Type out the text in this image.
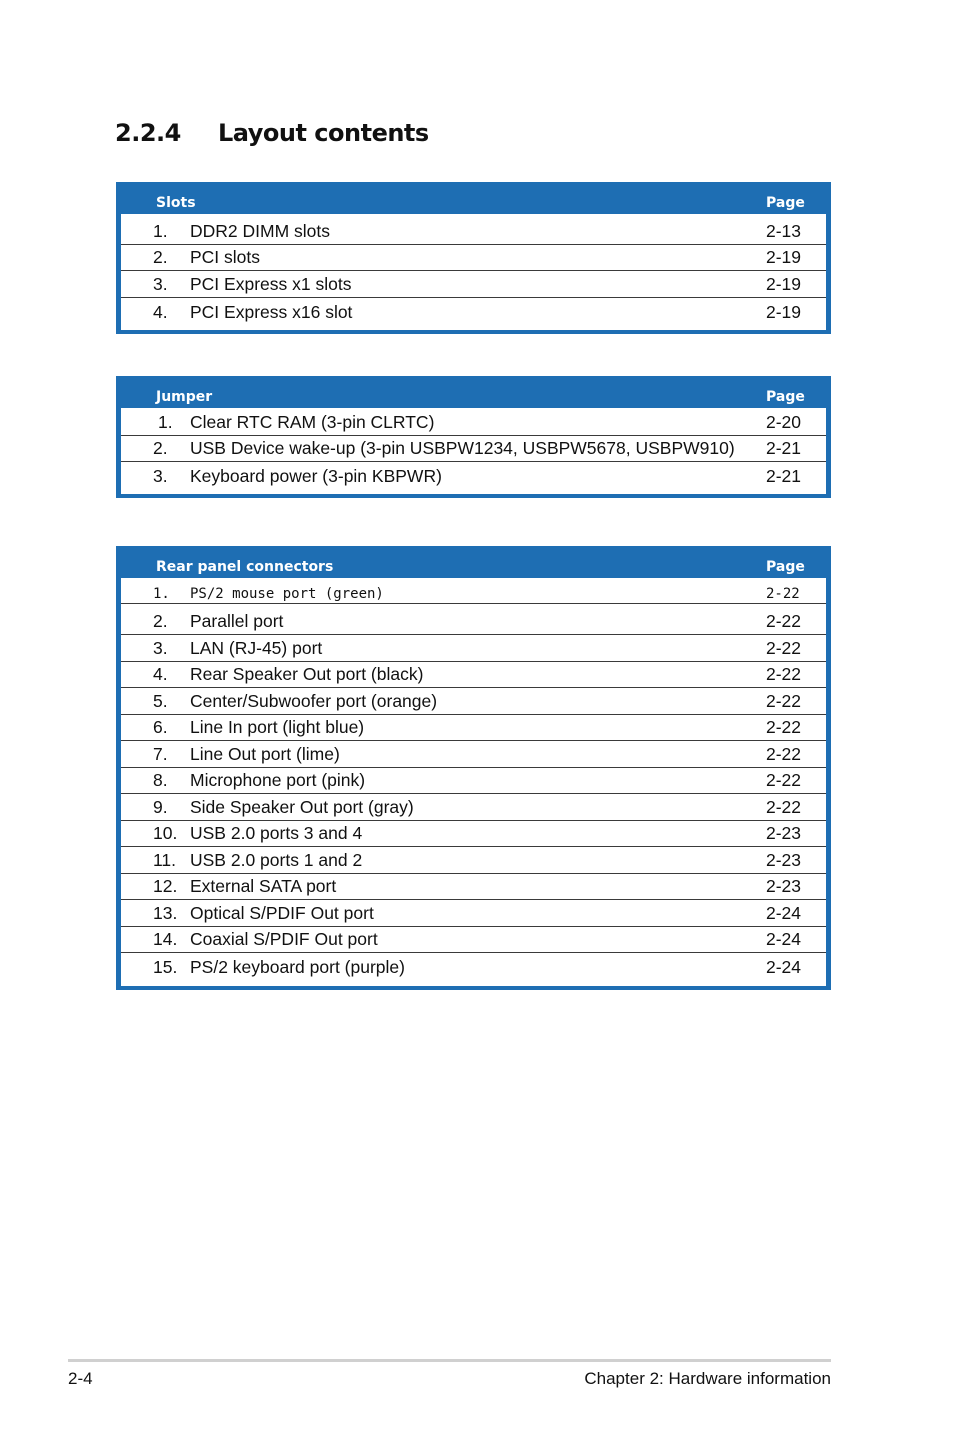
2.2.4	Layout contents
Slots	Page
1. DDR2 DIMM slots	2-13
2. PCI slots	2-19
3. PCI Express x1 slots	2-19
4. PCI Express x16 slot	2-19
Jumper	Page
1. Clear RTC RAM (3-pin CLRTC)	2-20
2. USB Device wake-up (3-pin USBPW1234, USBPW5678, USBPW910) 2-21
3. Keyboard power (3-pin KBPWR)	2-21
Rear panel connectors	Page
1. PS/2 mouse port (green)	2-22
2. Parallel port	2-22
3. LAN (RJ-45) port	2-22
4. Rear Speaker Out port (black)	2-22
5. Center/Subwoofer port (orange)	2-22
6. Line In port (light blue)	2-22
7. Line Out port (lime)	2-22
8. Microphone port (pink)	2-22
9. Side Speaker Out port (gray)	2-22
10. USB 2.0 ports 3 and 4	2-23
11. USB 2.0 ports 1 and 2	2-23
12. External SATA port	2-23
13. Optical S/PDIF Out port	2-24
14. Coaxial S/PDIF Out port	2-24
15. PS/2 keyboard port (purple)	2-24
2-4	Chapter 2: Hardware information
